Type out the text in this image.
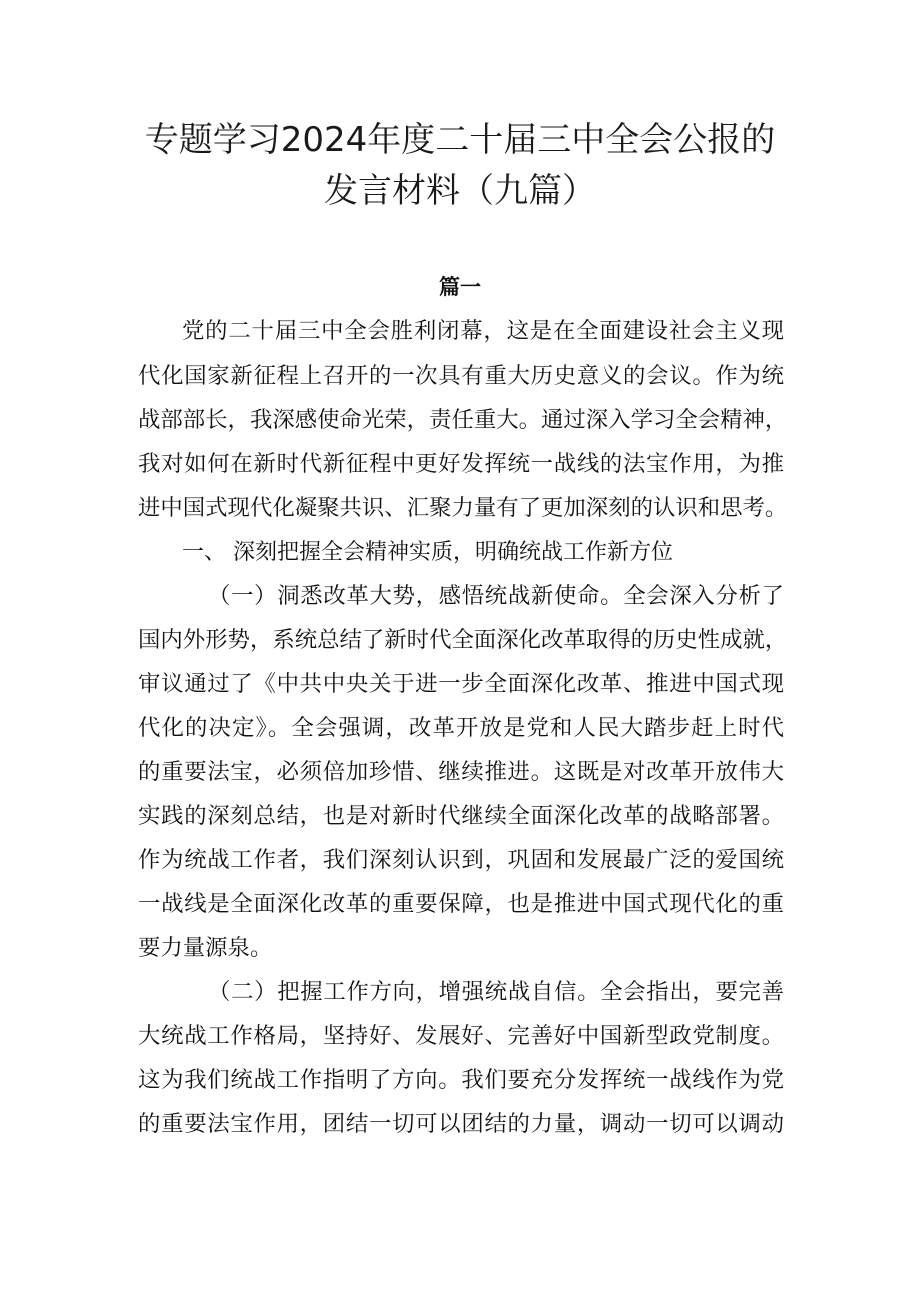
专题学习2024年度二十届三中全会公报的
发言材料（九篇）
篇一
党的二十届三中全会胜利闭幕，这是在全面建设社会主义现
代化国家新征程上召开的一次具有重大历史意义的会议。作为统
战部部长，我深感使命光荣，责任重大。通过深入学习全会精神，
我对如何在新时代新征程中更好发挥统一战线的法宝作用，为推
进中国式现代化凝聚共识、汇聚力量有了更加深刻的认识和思考。
一、 深刻把握全会精神实质，明确统战工作新方位
（一）洞悉改革大势，感悟统战新使命。全会深入分析了
国内外形势，系统总结了新时代全面深化改革取得的历史性成就，
审议通过了《中共中央关于进一步全面深化改革、推进中国式现
代化的决定》。全会强调，改革开放是党和人民大踏步赶上时代
的重要法宝，必须倍加珍惜、继续推进。这既是对改革开放伟大
实践的深刻总结，也是对新时代继续全面深化改革的战略部署。
作为统战工作者，我们深刻认识到，巩固和发展最广泛的爱国统
一战线是全面深化改革的重要保障，也是推进中国式现代化的重
要力量源泉。
（二）把握工作方向，增强统战自信。全会指出，要完善
大统战工作格局，坚持好、发展好、完善好中国新型政党制度。
这为我们统战工作指明了方向。我们要充分发挥统一战线作为党
的重要法宝作用，团结一切可以团结的力量，调动一切可以调动
